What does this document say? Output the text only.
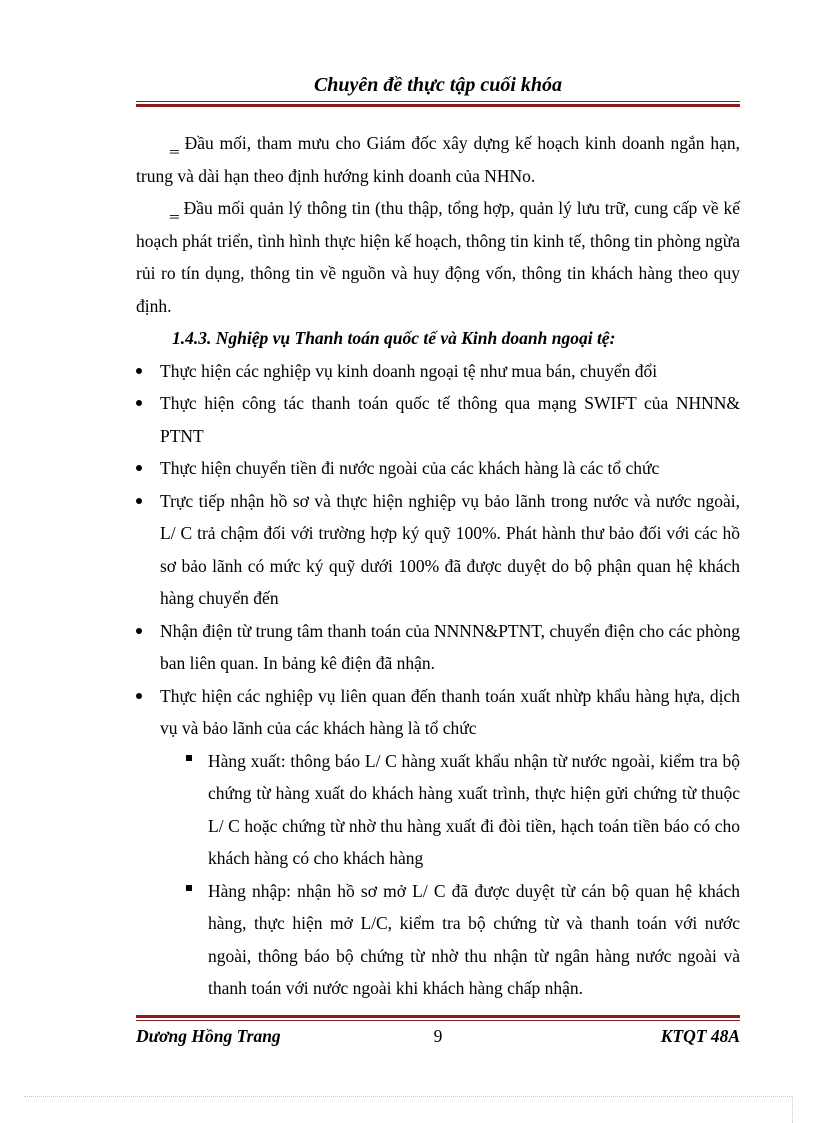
Chuyên đề thực tập cuối khóa
‗ Đầu mối, tham mưu cho Giám đốc xây dựng kế hoạch kinh doanh ngắn hạn, trung và dài hạn theo định hướng kinh doanh của NHNo.
‗ Đầu mối quản lý thông tin (thu thập, tổng hợp, quản lý lưu trữ, cung cấp về kế hoạch phát triển, tình hình thực hiện kế hoạch, thông tin kinh tế, thông tin phòng ngừa rủi ro tín dụng, thông tin về nguồn và huy động vốn, thông tin khách hàng theo quy định.

1.4.3. Nghiệp vụ Thanh toán quốc tế và Kinh doanh ngoại tệ:

Thực hiện các nghiệp vụ kinh doanh ngoại tệ như mua bán, chuyển đổi
Thực hiện công tác thanh toán quốc tế thông qua mạng SWIFT của NHNN& PTNT
Thực hiện chuyển tiền đi nước ngoài của các khách hàng là các tổ chức
Trực tiếp nhận hồ sơ và thực hiện nghiệp vụ bảo lãnh trong nước và nước ngoài, L/ C trả chậm đối với trường hợp ký quỹ 100%. Phát hành thư bảo đối với các hồ sơ bảo lãnh có mức ký quỹ dưới 100% đã được duyệt do bộ phận quan hệ khách hàng chuyển đến
Nhận điện từ trung tâm thanh toán của NNNN&PTNT, chuyển điện cho các phòng ban liên quan. In bảng kê điện đã nhận.
Thực hiện các nghiệp vụ liên quan đến thanh toán xuất nhừp khẩu hàng hựa, dịch vụ và bảo lãnh của các khách hàng là tổ chức
Hàng xuất: thông báo L/ C hàng xuất khẩu nhận từ nước ngoài, kiểm tra bộ chứng từ hàng xuất do khách hàng xuất trình, thực hiện gửi chứng từ thuộc L/ C hoặc chứng từ nhờ thu hàng xuất đi đòi tiền, hạch toán tiền báo có cho khách hàng có cho khách hàng
Hàng nhập: nhận hồ sơ mở L/ C đã được duyệt từ cán bộ quan hệ khách hàng, thực hiện mở L/C, kiểm tra bộ chứng từ và thanh toán với nước ngoài, thông báo bộ chứng từ nhờ thu nhận từ ngân hàng nước ngoài và thanh toán với nước ngoài khi khách hàng chấp nhận.
9
Dương Hồng Trang	KTQT 48A
